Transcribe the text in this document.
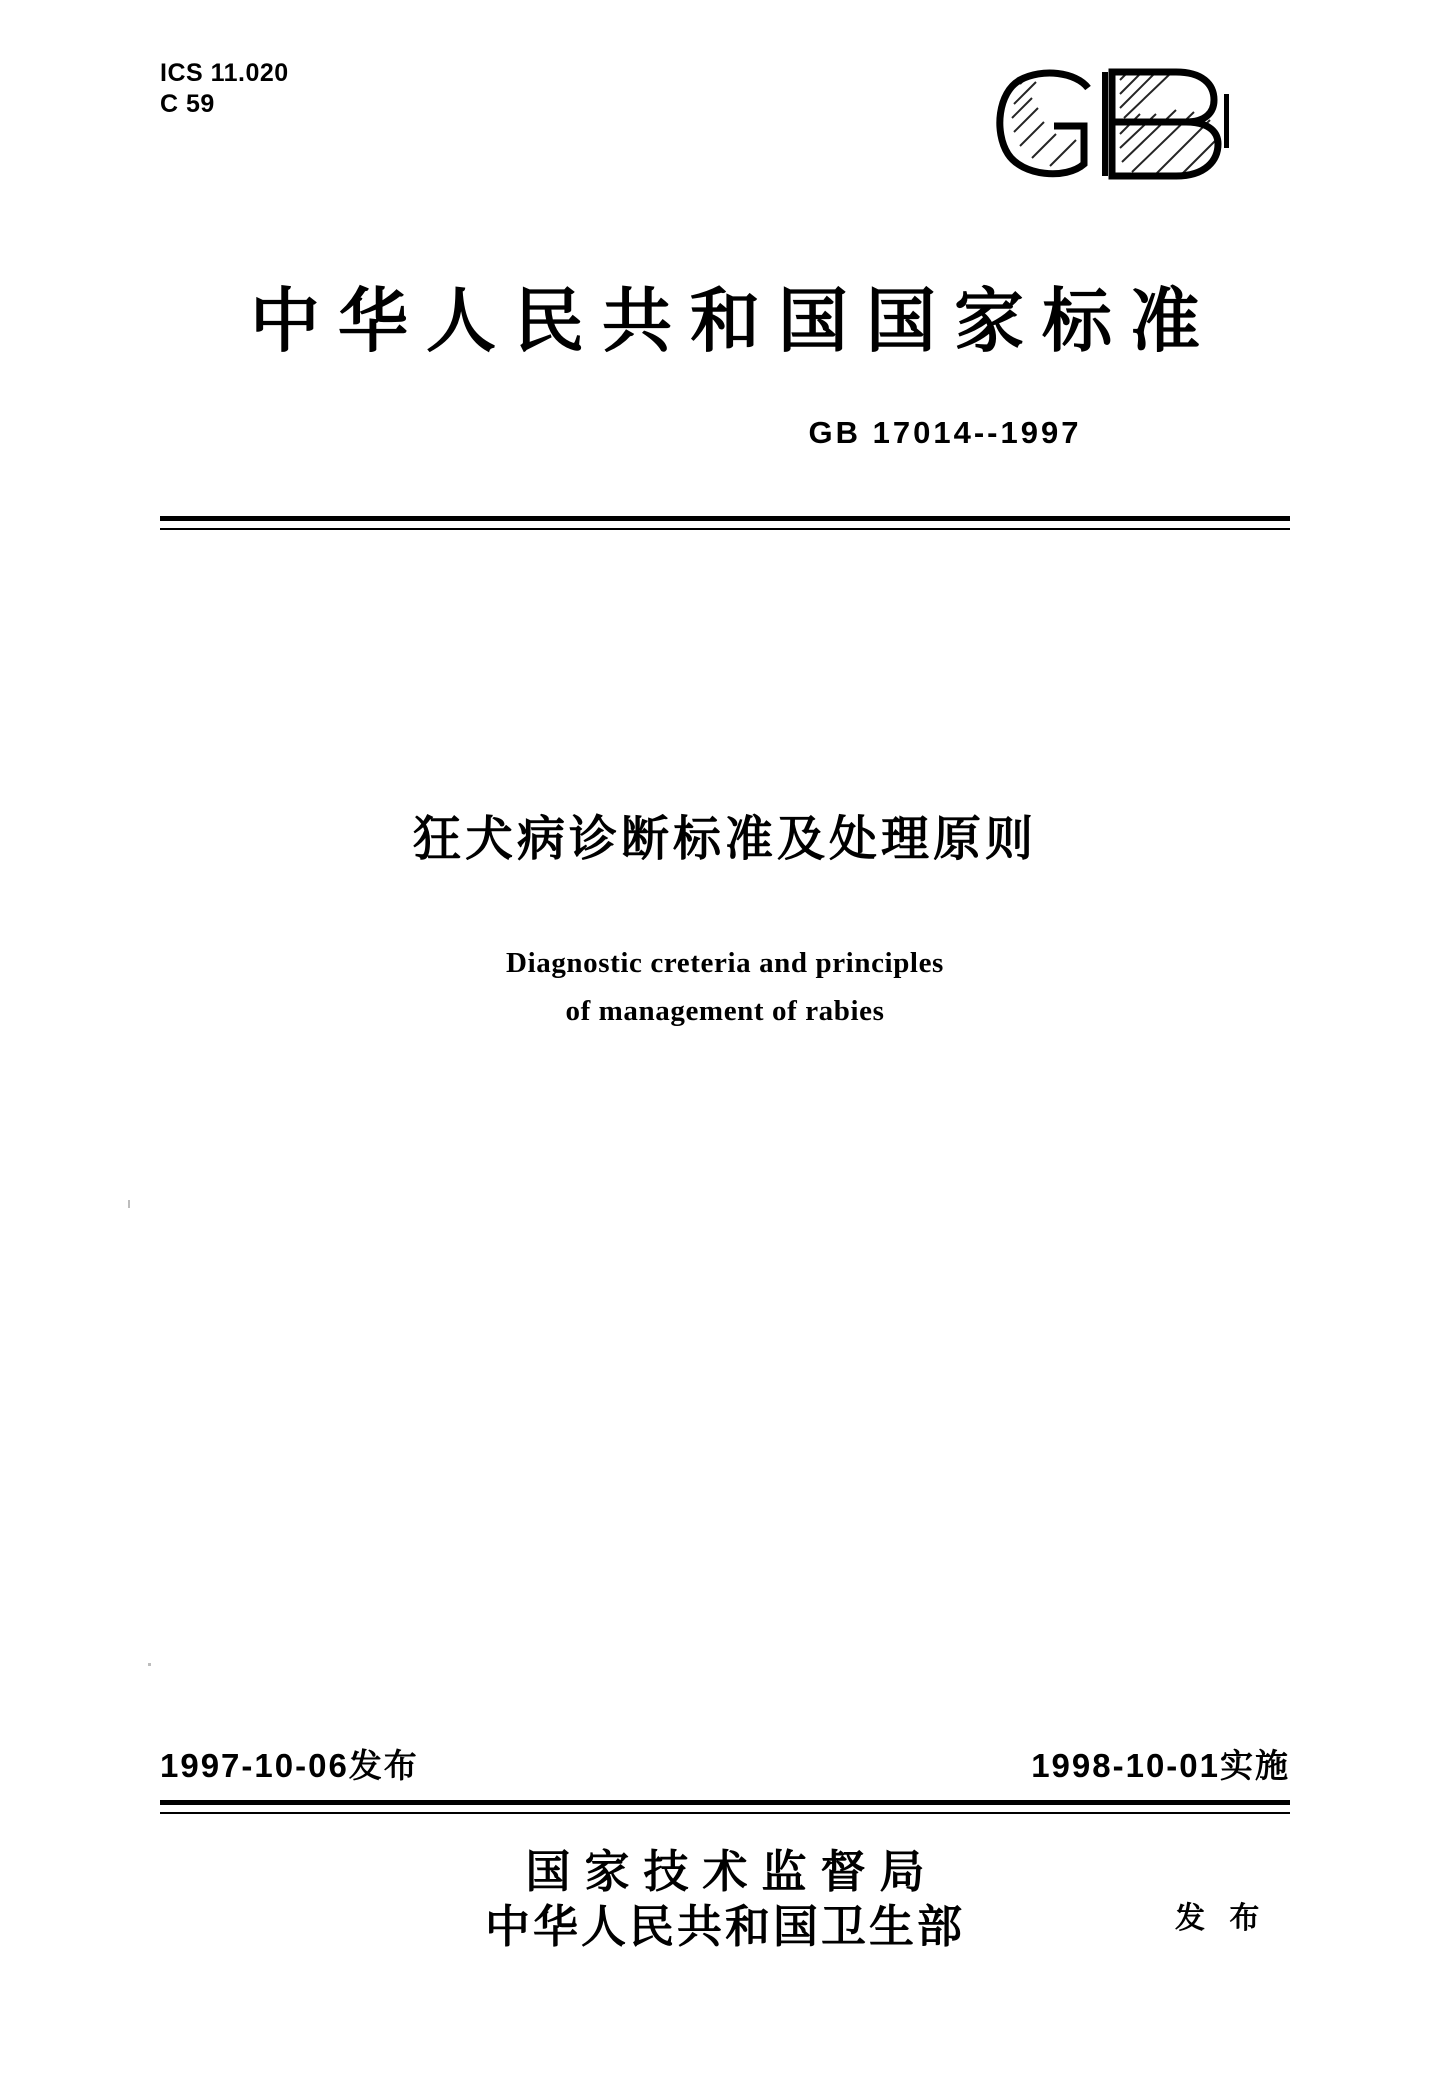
ICS 11.020
C 59
中华人民共和国国家标准
GB 17014--1997
狂犬病诊断标准及处理原则
Diagnostic creteria and principles
of management of rabies
1997-10-06发布	1998-10-01实施
国家技术监督局
中华人民共和国卫生部	发 布
